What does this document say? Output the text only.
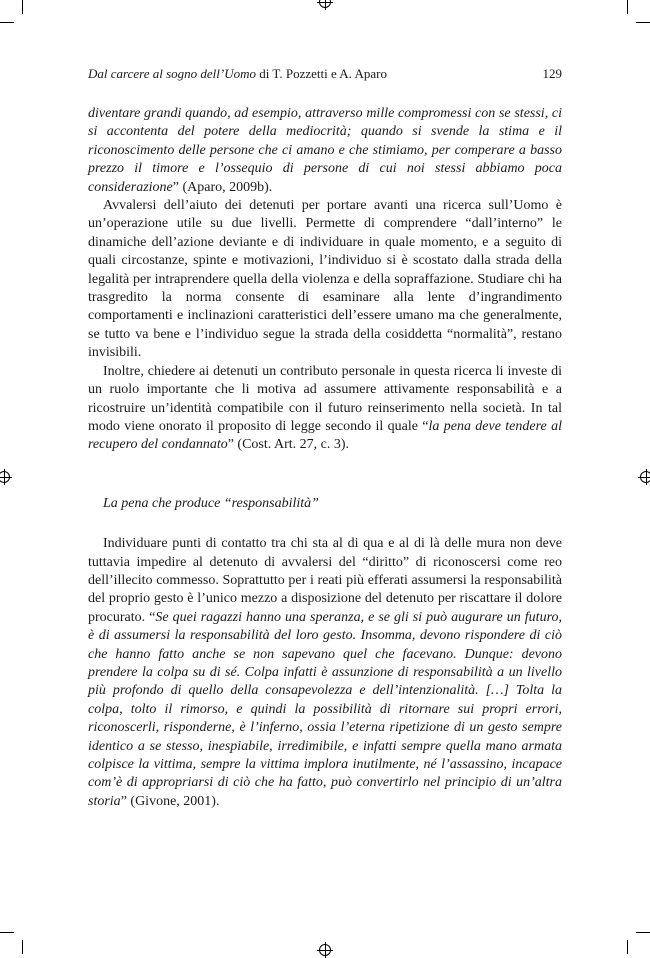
Dal carcere al sogno dell’Uomo di T. Pozzetti e A. Aparo	129

diventare grandi quando, ad esempio, attraverso mille compromessi con se stessi, ci si accontenta del potere della mediocrità; quando si svende la stima e il riconoscimento delle persone che ci amano e che stimiamo, per comperare a basso prezzo il timore e l’ossequio di persone di cui noi stessi abbiamo poca considerazione” (Aparo, 2009b).

Avvalersi dell’aiuto dei detenuti per portare avanti una ricerca sull’Uomo è un’operazione utile su due livelli. Permette di comprendere “dall’interno” le dinamiche dell’azione deviante e di individuare in quale momento, e a seguito di quali circostanze, spinte e motivazioni, l’individuo si è scostato dalla strada della legalità per intraprendere quella della violenza e della sopraffazione. Studiare chi ha trasgredito la norma consente di esaminare alla lente d’ingrandimento comportamenti e inclinazioni caratteristici dell’essere umano ma che generalmente, se tutto va bene e l’individuo segue la strada della cosiddetta “normalità”, restano invisibili.

Inoltre, chiedere ai detenuti un contributo personale in questa ricerca li investe di un ruolo importante che li motiva ad assumere attivamente responsabilità e a ricostruire un’identità compatibile con il futuro reinserimento nella società. In tal modo viene onorato il proposito di legge secondo il quale “la pena deve tendere al recupero del condannato” (Cost. Art. 27, c. 3).

La pena che produce “responsabilità”

Individuare punti di contatto tra chi sta al di qua e al di là delle mura non deve tuttavia impedire al detenuto di avvalersi del “diritto” di riconoscersi come reo dell’illecito commesso. Soprattutto per i reati più efferati assumersi la responsabilità del proprio gesto è l’unico mezzo a disposizione del detenuto per riscattare il dolore procurato. “Se quei ragazzi hanno una speranza, e se gli si può augurare un futuro, è di assumersi la responsabilità del loro gesto. Insomma, devono rispondere di ciò che hanno fatto anche se non sapevano quel che facevano. Dunque: devono prendere la colpa su di sé. Colpa infatti è assunzione di responsabilità a un livello più profondo di quello della consapevolezza e dell’intenzionalità. […] Tolta la colpa, tolto il rimorso, e quindi la possibilità di ritornare sui propri errori, riconoscerli, risponderne, è l’inferno, ossia l’eterna ripetizione di un gesto sempre identico a se stesso, inespiabile, irredimibile, e infatti sempre quella mano armata colpisce la vittima, sempre la vittima implora inutilmente, né l’assassino, incapace com’è di appropriarsi di ciò che ha fatto, può convertirlo nel principio di un’altra storia” (Givone, 2001).
